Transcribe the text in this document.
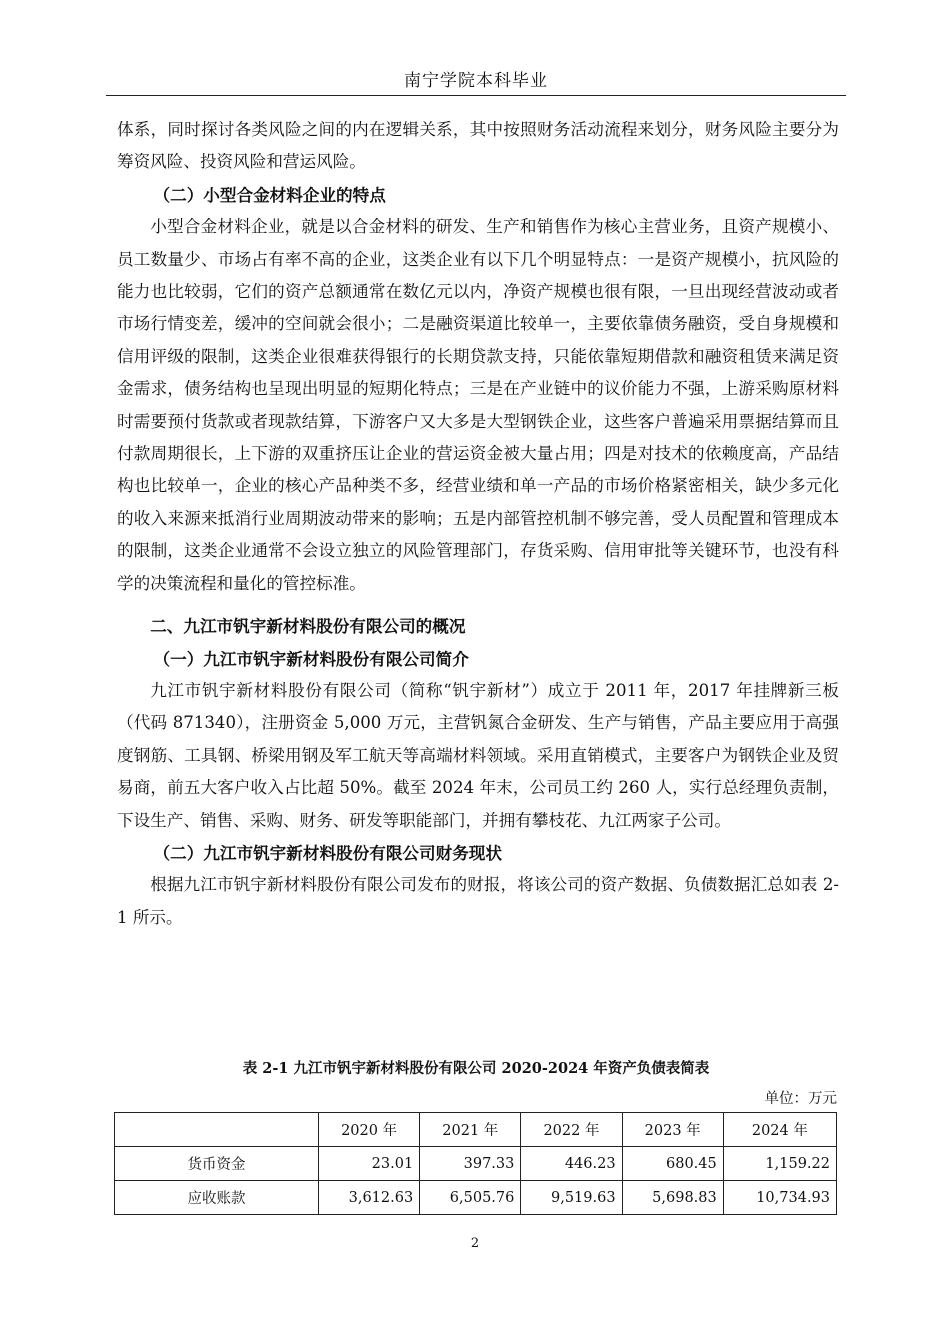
南宁学院本科毕业

体系，同时探讨各类风险之间的内在逻辑关系，其中按照财务活动流程来划分，财务风险主要分为筹资风险、投资风险和营运风险。

（二）小型合金材料企业的特点

小型合金材料企业，就是以合金材料的研发、生产和销售作为核心主营业务，且资产规模小、员工数量少、市场占有率不高的企业，这类企业有以下几个明显特点：一是资产规模小，抗风险的能力也比较弱，它们的资产总额通常在数亿元以内，净资产规模也很有限，一旦出现经营波动或者市场行情变差，缓冲的空间就会很小；二是融资渠道比较单一，主要依靠债务融资，受自身规模和信用评级的限制，这类企业很难获得银行的长期贷款支持，只能依靠短期借款和融资租赁来满足资金需求，债务结构也呈现出明显的短期化特点；三是在产业链中的议价能力不强，上游采购原材料时需要预付货款或者现款结算，下游客户又大多是大型钢铁企业，这些客户普遍采用票据结算而且付款周期很长，上下游的双重挤压让企业的营运资金被大量占用；四是对技术的依赖度高，产品结构也比较单一，企业的核心产品种类不多，经营业绩和单一产品的市场价格紧密相关，缺少多元化的收入来源来抵消行业周期波动带来的影响；五是内部管控机制不够完善，受人员配置和管理成本的限制，这类企业通常不会设立独立的风险管理部门，存货采购、信用审批等关键环节，也没有科学的决策流程和量化的管控标准。

二、九江市钒宇新材料股份有限公司的概况

（一）九江市钒宇新材料股份有限公司简介

九江市钒宇新材料股份有限公司（简称“钒宇新材”）成立于 2011 年，2017 年挂牌新三板（代码 871340），注册资金 5,000 万元，主营钒氮合金研发、生产与销售，产品主要应用于高强度钢筋、工具钢、桥梁用钢及军工航天等高端材料领域。采用直销模式，主要客户为钢铁企业及贸易商，前五大客户收入占比超 50%。截至 2024 年末，公司员工约 260 人，实行总经理负责制，下设生产、销售、采购、财务、研发等职能部门，并拥有攀枝花、九江两家子公司。

（二）九江市钒宇新材料股份有限公司财务现状

根据九江市钒宇新材料股份有限公司发布的财报，将该公司的资产数据、负债数据汇总如表 2-1 所示。

表 2-1 九江市钒宇新材料股份有限公司 2020-2024 年资产负债表简表
单位：万元
	2020 年	2021 年	2022 年	2023 年	2024 年
货币资金	23.01	397.33	446.23	680.45	1,159.22
应收账款	3,612.63	6,505.76	9,519.63	5,698.83	10,734.93
2
